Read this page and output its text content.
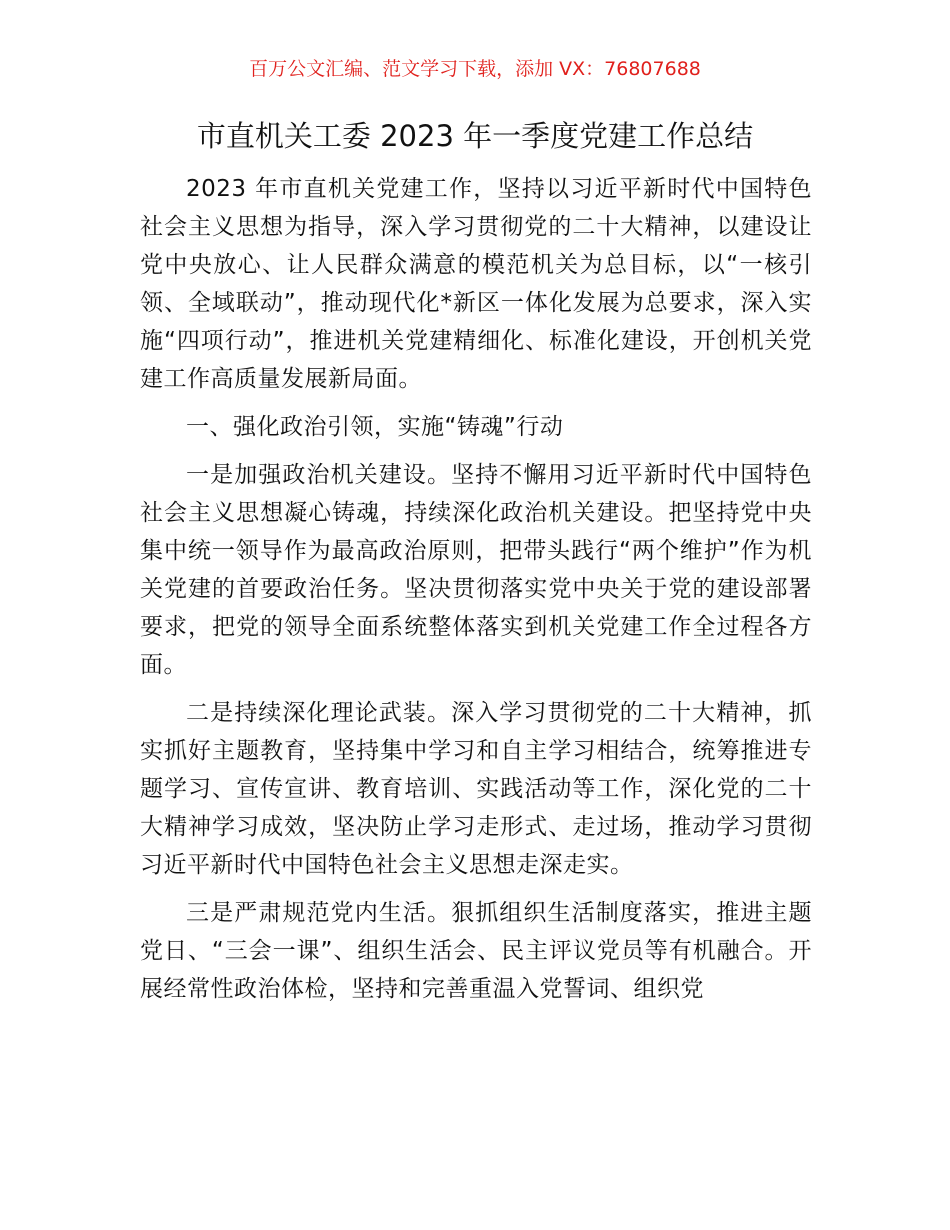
百万公文汇编、范文学习下载，添加 VX：76807688
市直机关工委 2023 年一季度党建工作总结

2023 年市直机关党建工作，坚持以习近平新时代中国特色社会主义思想为指导，深入学习贯彻党的二十大精神，以建设让党中央放心、让人民群众满意的模范机关为总目标，以“一核引领、全域联动”，推动现代化*新区一体化发展为总要求，深入实施“四项行动”，推进机关党建精细化、标准化建设，开创机关党建工作高质量发展新局面。

一、强化政治引领，实施“铸魂”行动

一是加强政治机关建设。坚持不懈用习近平新时代中国特色社会主义思想凝心铸魂，持续深化政治机关建设。把坚持党中央集中统一领导作为最高政治原则，把带头践行“两个维护”作为机关党建的首要政治任务。坚决贯彻落实党中央关于党的建设部署要求，把党的领导全面系统整体落实到机关党建工作全过程各方面。

二是持续深化理论武装。深入学习贯彻党的二十大精神，抓实抓好主题教育，坚持集中学习和自主学习相结合，统筹推进专题学习、宣传宣讲、教育培训、实践活动等工作，深化党的二十大精神学习成效，坚决防止学习走形式、走过场，推动学习贯彻习近平新时代中国特色社会主义思想走深走实。

三是严肃规范党内生活。狠抓组织生活制度落实，推进主题党日、“三会一课”、组织生活会、民主评议党员等有机融合。开展经常性政治体检，坚持和完善重温入党誓词、组织党
